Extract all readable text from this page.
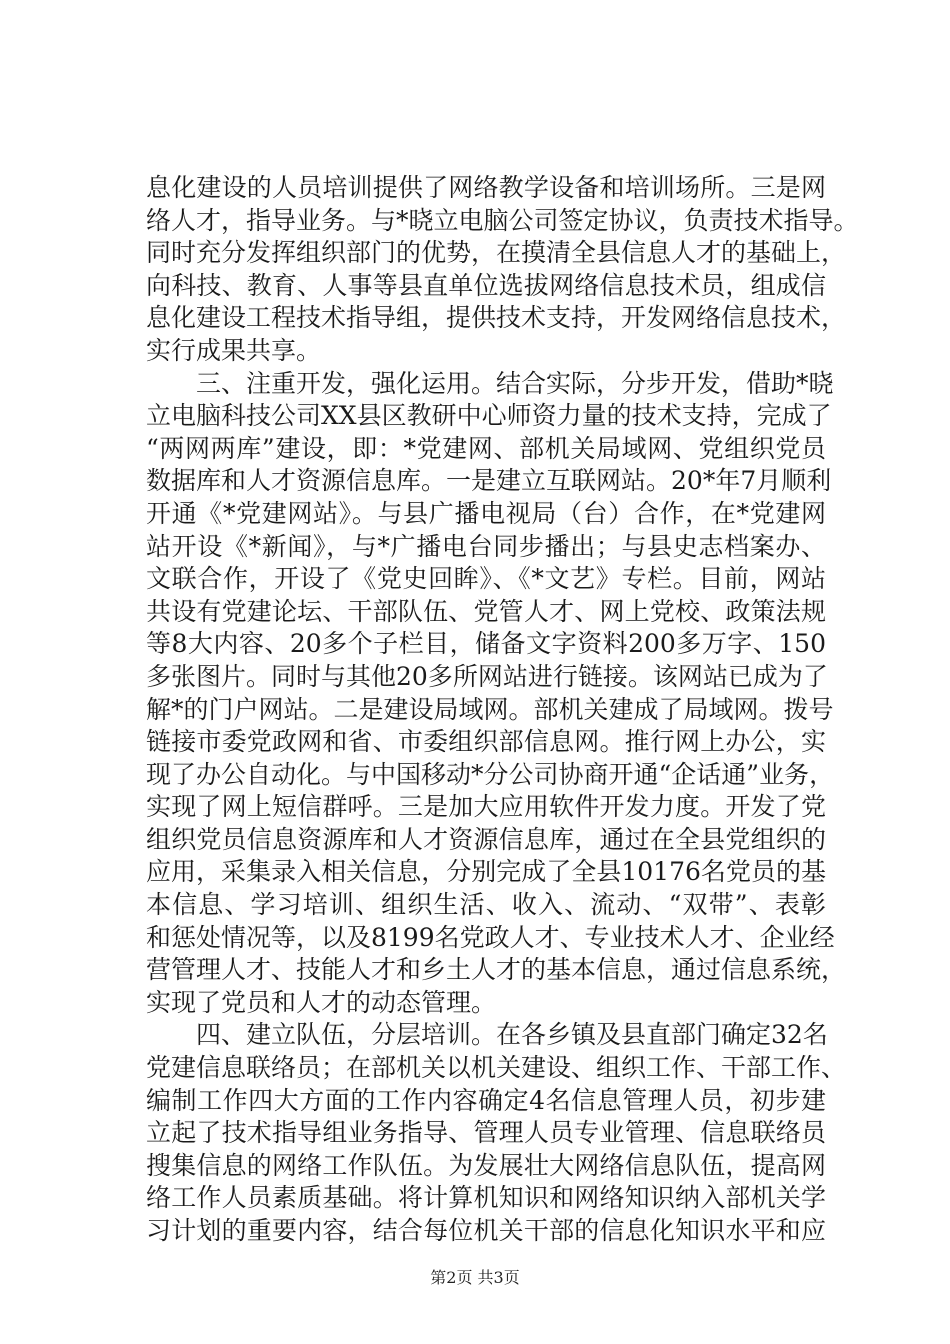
息化建设的人员培训提供了网络教学设备和培训场所。三是网
络人才，指导业务。与*晓立电脑公司签定协议，负责技术指导。
同时充分发挥组织部门的优势，在摸清全县信息人才的基础上，
向科技、教育、人事等县直单位选拔网络信息技术员，组成信
息化建设工程技术指导组，提供技术支持，开发网络信息技术，
实行成果共享。
三、注重开发，强化运用。结合实际，分步开发，借助*晓
立电脑科技公司XX县区教研中心师资力量的技术支持，完成了
“两网两库”建设，即：*党建网、部机关局域网、党组织党员
数据库和人才资源信息库。一是建立互联网站。20*年7月顺利
开通《*党建网站》。与县广播电视局（台）合作，在*党建网
站开设《*新闻》，与*广播电台同步播出；与县史志档案办、
文联合作，开设了《党史回眸》、《*文艺》专栏。目前，网站
共设有党建论坛、干部队伍、党管人才、网上党校、政策法规
等8大内容、20多个子栏目，储备文字资料200多万字、150
多张图片。同时与其他20多所网站进行链接。该网站已成为了
解*的门户网站。二是建设局域网。部机关建成了局域网。拨号
链接市委党政网和省、市委组织部信息网。推行网上办公，实
现了办公自动化。与中国移动*分公司协商开通“企话通”业务，
实现了网上短信群呼。三是加大应用软件开发力度。开发了党
组织党员信息资源库和人才资源信息库，通过在全县党组织的
应用，采集录入相关信息，分别完成了全县10176名党员的基
本信息、学习培训、组织生活、收入、流动、“双带”、表彰
和惩处情况等，以及8199名党政人才、专业技术人才、企业经
营管理人才、技能人才和乡土人才的基本信息，通过信息系统，
实现了党员和人才的动态管理。
四、建立队伍，分层培训。在各乡镇及县直部门确定32名
党建信息联络员；在部机关以机关建设、组织工作、干部工作、
编制工作四大方面的工作内容确定4名信息管理人员，初步建
立起了技术指导组业务指导、管理人员专业管理、信息联络员
搜集信息的网络工作队伍。为发展壮大网络信息队伍，提高网
络工作人员素质基础。将计算机知识和网络知识纳入部机关学
习计划的重要内容，结合每位机关干部的信息化知识水平和应
第2页 共3页
